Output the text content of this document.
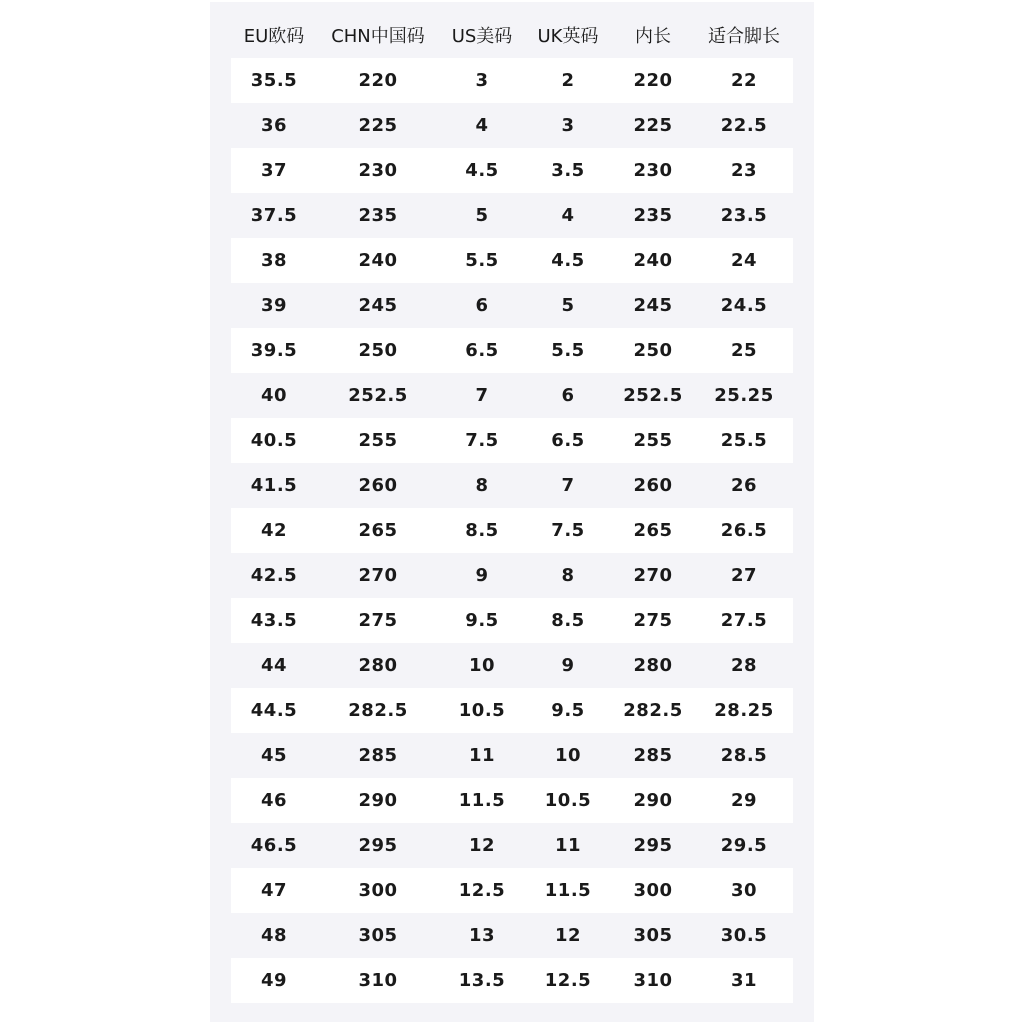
EU欧码	CHN中国码	US美码	UK英码	内长	适合脚长
35.5	220	3	2	220	22
36	225	4	3	225	22.5
37	230	4.5	3.5	230	23
37.5	235	5	4	235	23.5
38	240	5.5	4.5	240	24
39	245	6	5	245	24.5
39.5	250	6.5	5.5	250	25
40	252.5	7	6	252.5	25.25
40.5	255	7.5	6.5	255	25.5
41.5	260	8	7	260	26
42	265	8.5	7.5	265	26.5
42.5	270	9	8	270	27
43.5	275	9.5	8.5	275	27.5
44	280	10	9	280	28
44.5	282.5	10.5	9.5	282.5	28.25
45	285	11	10	285	28.5
46	290	11.5	10.5	290	29
46.5	295	12	11	295	29.5
47	300	12.5	11.5	300	30
48	305	13	12	305	30.5
49	310	13.5	12.5	310	31
